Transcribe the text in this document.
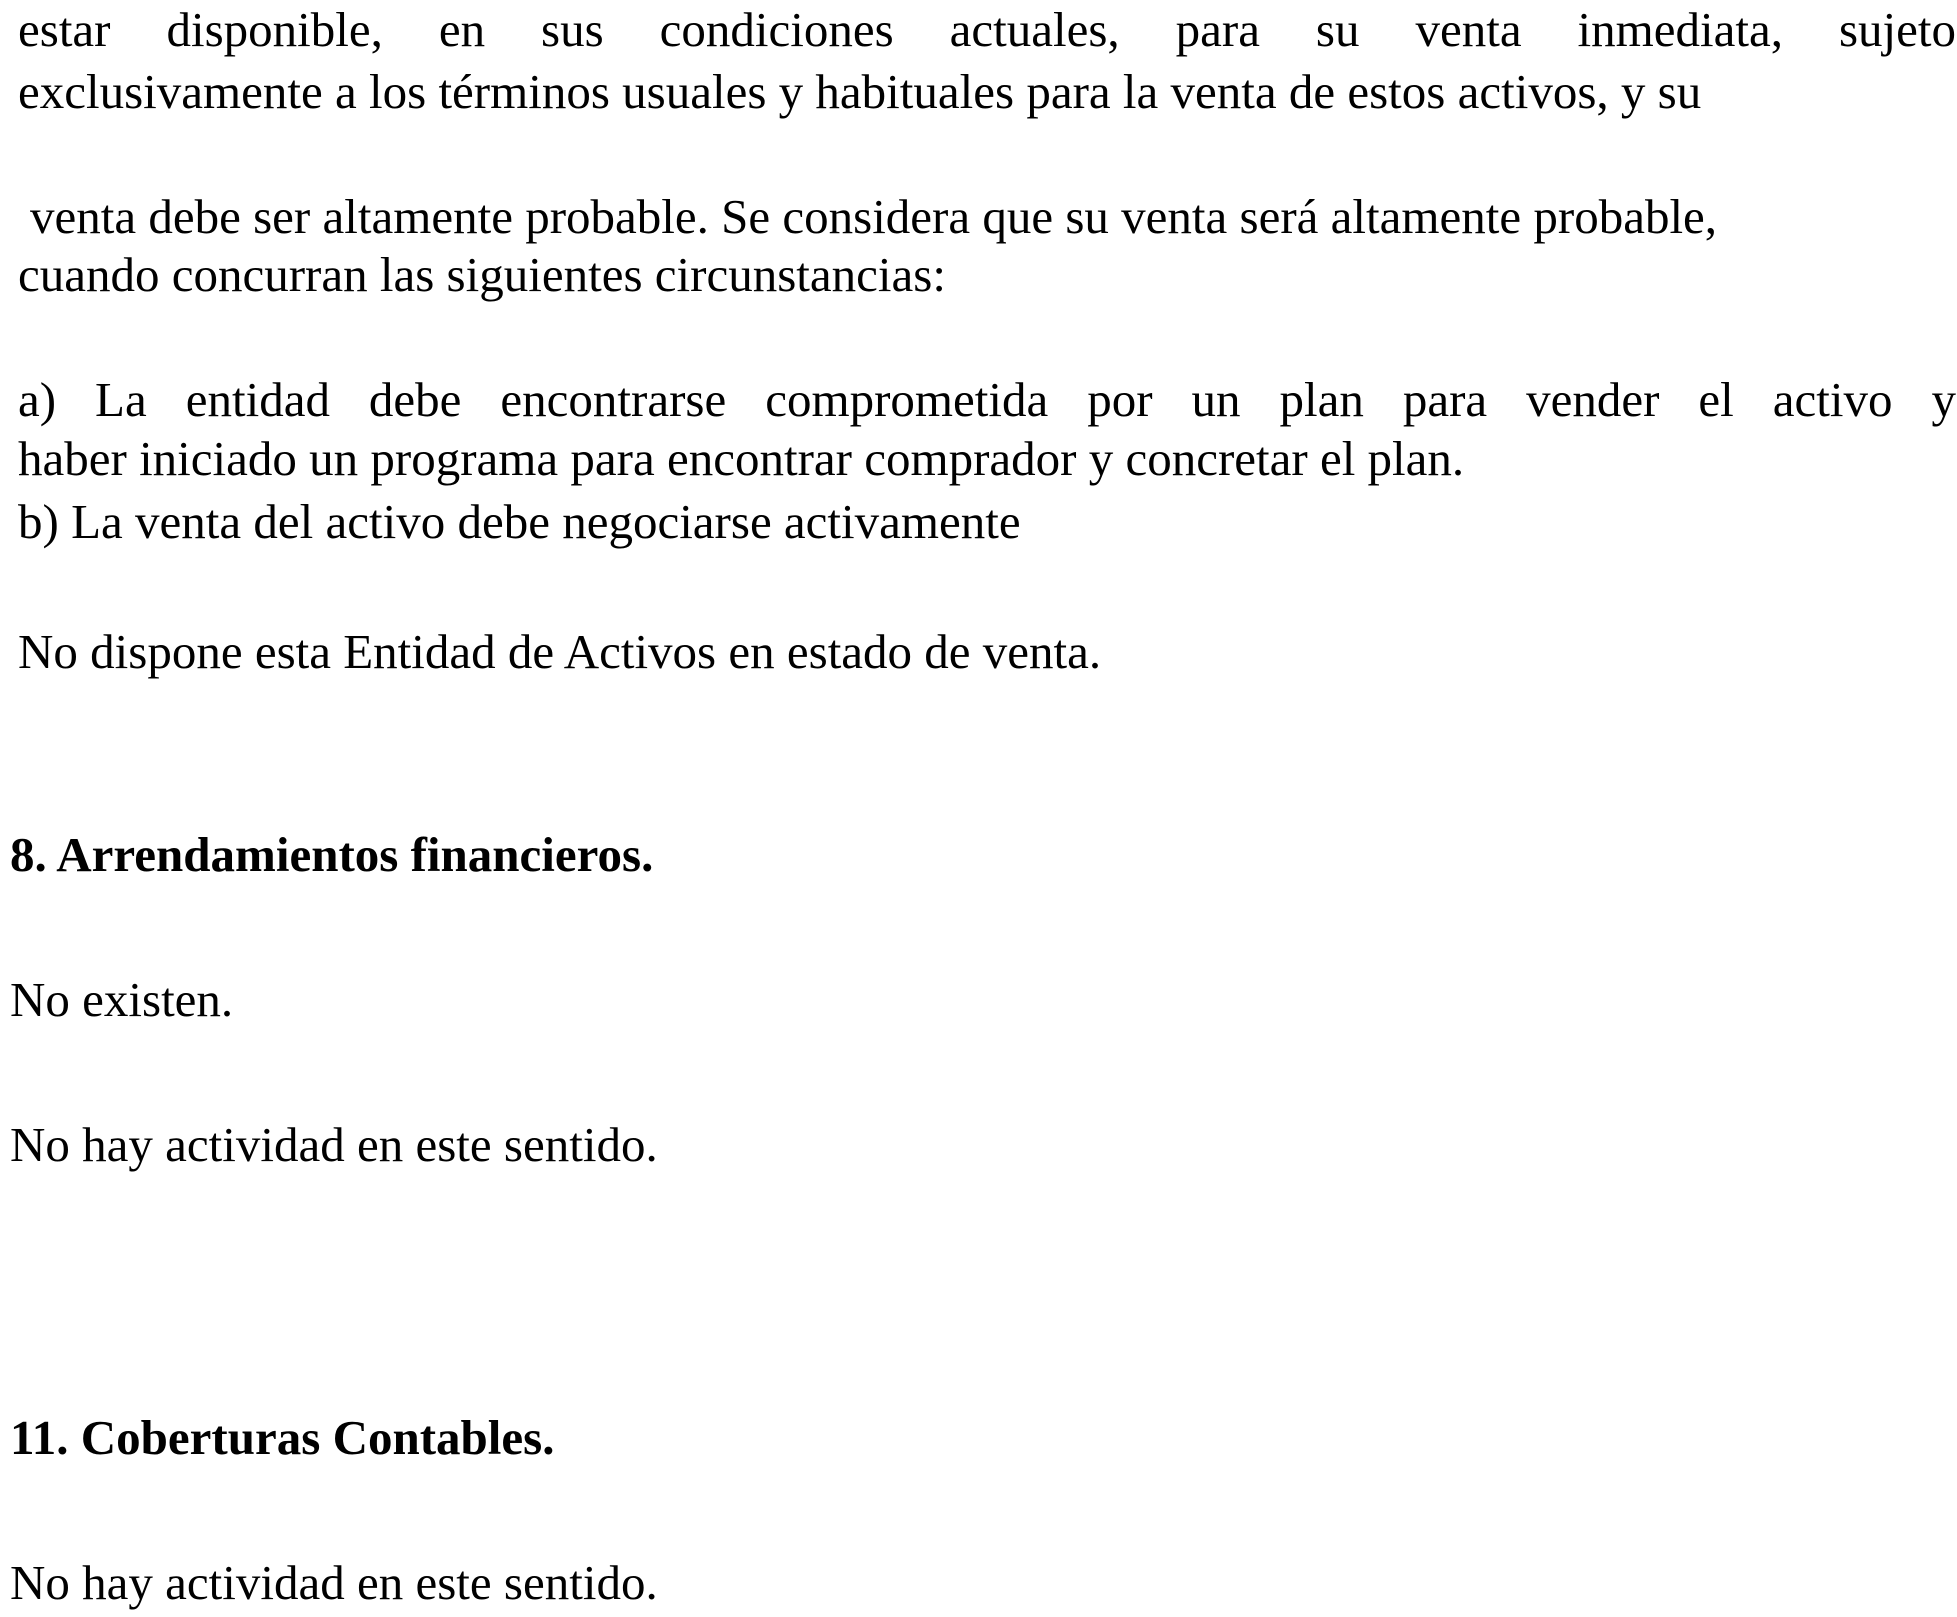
estar disponible, en sus condiciones actuales, para su venta inmediata, sujeto
exclusivamente a los términos usuales y habituales para la venta de estos activos, y su
venta debe ser altamente probable. Se considera que su venta será altamente probable,
cuando concurran las siguientes circunstancias:
a) La entidad debe encontrarse comprometida por un plan para vender el activo y
haber iniciado un programa para encontrar comprador y concretar el plan.
b) La venta del activo debe negociarse activamente
No dispone esta Entidad de Activos en estado de venta.
8. Arrendamientos financieros.
No existen.
No hay actividad en este sentido.
11. Coberturas Contables.
No hay actividad en este sentido.
